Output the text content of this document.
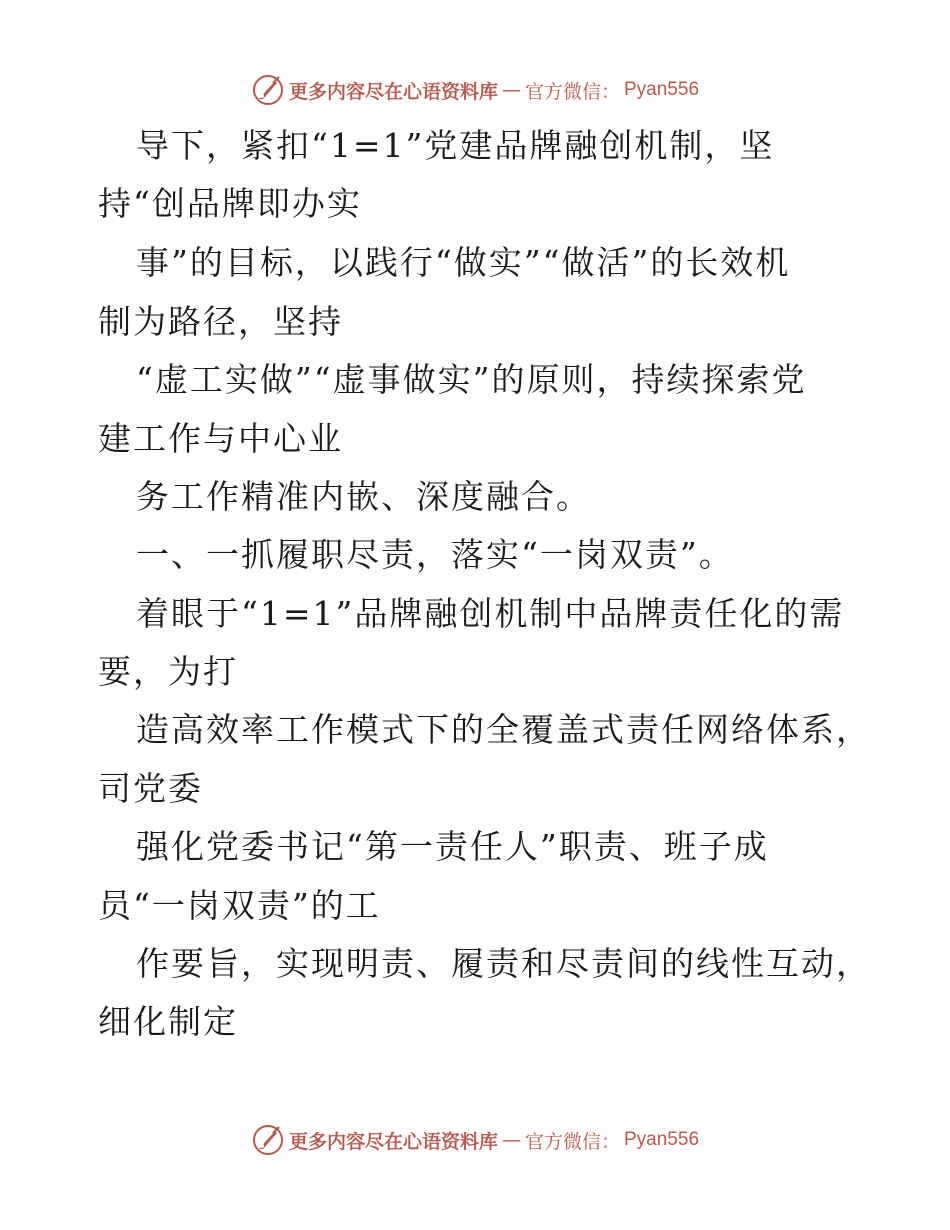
更多内容尽在心语资料库 — 官方微信： Pyan556
导下，紧扣“1=1”党建品牌融创机制，坚
持“创品牌即办实
事”的目标，以践行“做实”“做活”的长效机
制为路径，坚持
“虚工实做”“虚事做实”的原则，持续探索党
建工作与中心业
务工作精准内嵌、深度融合。
一、一抓履职尽责，落实“一岗双责”。
着眼于“1=1”品牌融创机制中品牌责任化的需
要，为打
造高效率工作模式下的全覆盖式责任网络体系，
司党委
强化党委书记“第一责任人”职责、班子成
员“一岗双责”的工
作要旨，实现明责、履责和尽责间的线性互动，
细化制定
更多内容尽在心语资料库 — 官方微信： Pyan556
